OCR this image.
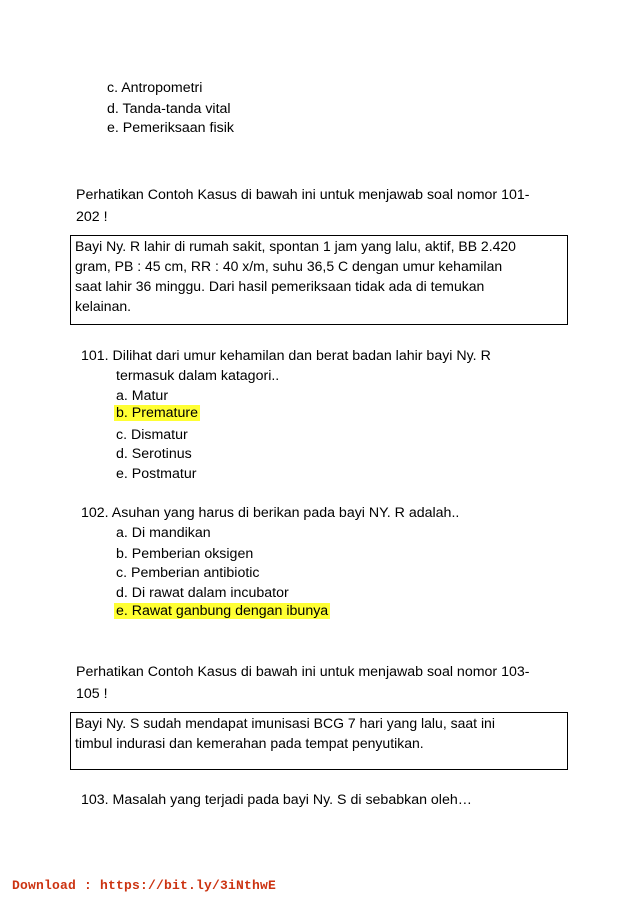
c. Antropometri
d. Tanda-tanda vital
e. Pemeriksaan fisik
Perhatikan Contoh Kasus di bawah ini untuk menjawab soal nomor 101-
202 !
Bayi Ny. R lahir di rumah sakit, spontan 1 jam yang lalu, aktif, BB 2.420
gram, PB : 45 cm, RR : 40 x/m, suhu 36,5 C dengan umur kehamilan
saat lahir 36 minggu. Dari hasil pemeriksaan tidak ada di temukan
kelainan.
101. Dilihat dari umur kehamilan dan berat badan lahir bayi Ny. R
termasuk dalam katagori..
a. Matur
b. Premature
c. Dismatur
d. Serotinus
e. Postmatur
102. Asuhan yang harus di berikan pada bayi NY. R adalah..
a. Di mandikan
b. Pemberian oksigen
c. Pemberian antibiotic
d. Di rawat dalam incubator
e. Rawat ganbung dengan ibunya
Perhatikan Contoh Kasus di bawah ini untuk menjawab soal nomor 103-
105 !
Bayi Ny. S sudah mendapat imunisasi BCG 7 hari yang lalu, saat ini
timbul indurasi dan kemerahan pada tempat penyutikan.
103. Masalah yang terjadi pada bayi Ny. S di sebabkan oleh…
Download : https://bit.ly/3iNthwE
